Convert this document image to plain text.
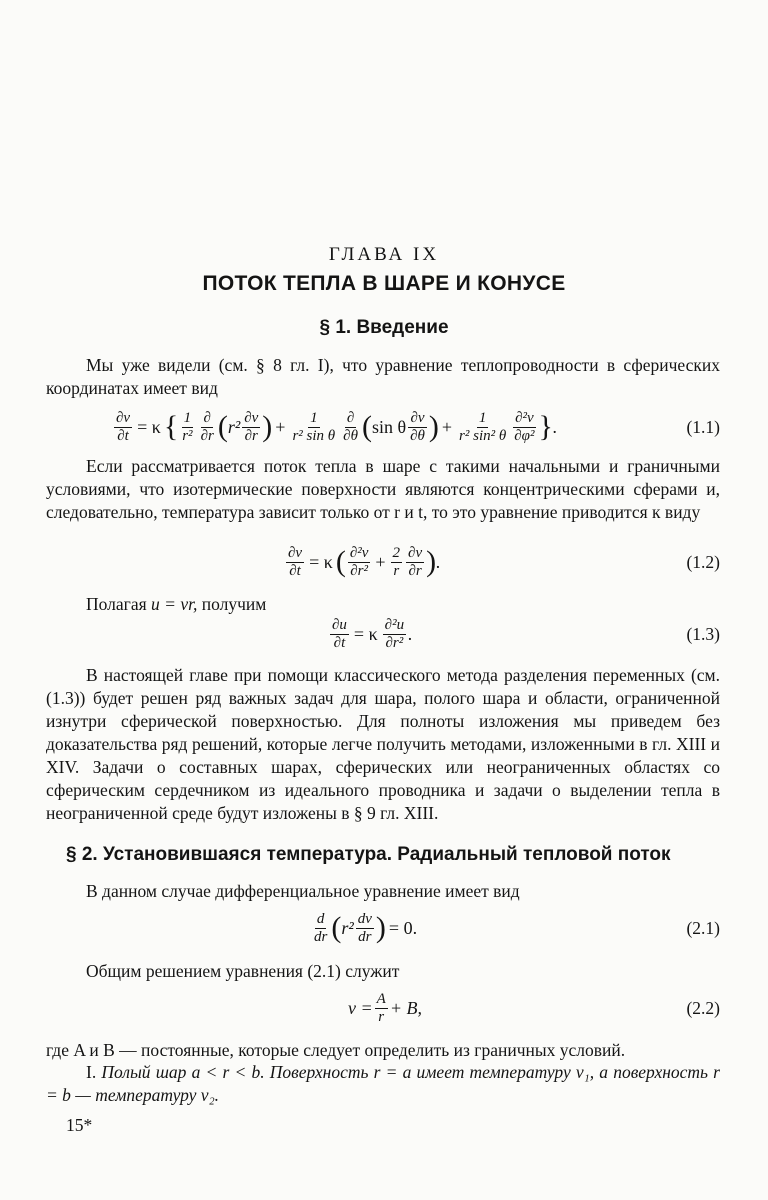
ГЛАВА IX

ПОТОК ТЕПЛА В ШАРЕ И КОНУСЕ

§ 1. Введение

Мы уже видели (см. § 8 гл. I), что уравнение теплопроводности в сферических координатах имеет вид

$\frac{\partial v}{\partial t} = \kappa$ { $\frac{1}{\text{r²}} \frac{\partial}{\partial r}$ ( $r^2 \frac{\partial v}{\partial r}$ ) + $\frac{1}{\text{r² sin θ}} \frac{\partial}{\partial\theta}$ ( sin θ $\frac{\partial v}{\partial\theta}$ ) + $\frac{1}{\text{r² sin² θ}} \frac{\text{∂²v}}{\text{∂φ²}}$ } .	(1.1)

Если рассматривается поток тепла в шаре с такими начальными и граничными условиями, что изотермические поверхности являются концентрическими сферами и, следовательно, температура зависит только от r и t, то это уравнение приводится к виду

$\frac{\partial v}{\partial t} = \kappa$ ( $\frac{\text{∂²v}}{\text{∂r²}} + \frac{2}{r} \frac{\partial v}{\partial r}$ ) .	(1.2)

Полагая u = vr, получим

$\frac{\partial u}{\partial t} = \kappa \frac{\text{∂²u}}{\text{∂r²}}$ .	(1.3)

В настоящей главе при помощи классического метода разделения переменных (см. (1.3)) будет решен ряд важных задач для шара, полого шара и области, ограниченной изнутри сферической поверхностью. Для полноты изложения мы приведем без доказательства ряд решений, которые легче получить методами, изложенными в гл. XIII и XIV. Задачи о составных шарах, сферических или неограниченных областях со сферическим сердечником из идеального проводника и задачи о выделении тепла в неограниченной среде будут изложены в § 9 гл. XIII.

§ 2. Установившаяся температура. Радиальный тепловой поток

В данном случае дифференциальное уравнение имеет вид

$\frac{d}{dr}$ ( $r^2 \frac{dv}{dr}$ ) = 0.	(2.1)

Общим решением уравнения (2.1) служит

$v = \frac{A}{r} + B$,	(2.2)

где A и B — постоянные, которые следует определить из граничных условий.

I. Полый шар a < r < b. Поверхность r = a имеет температуру v₁, а поверхность r = b — температуру v₂.

15*
